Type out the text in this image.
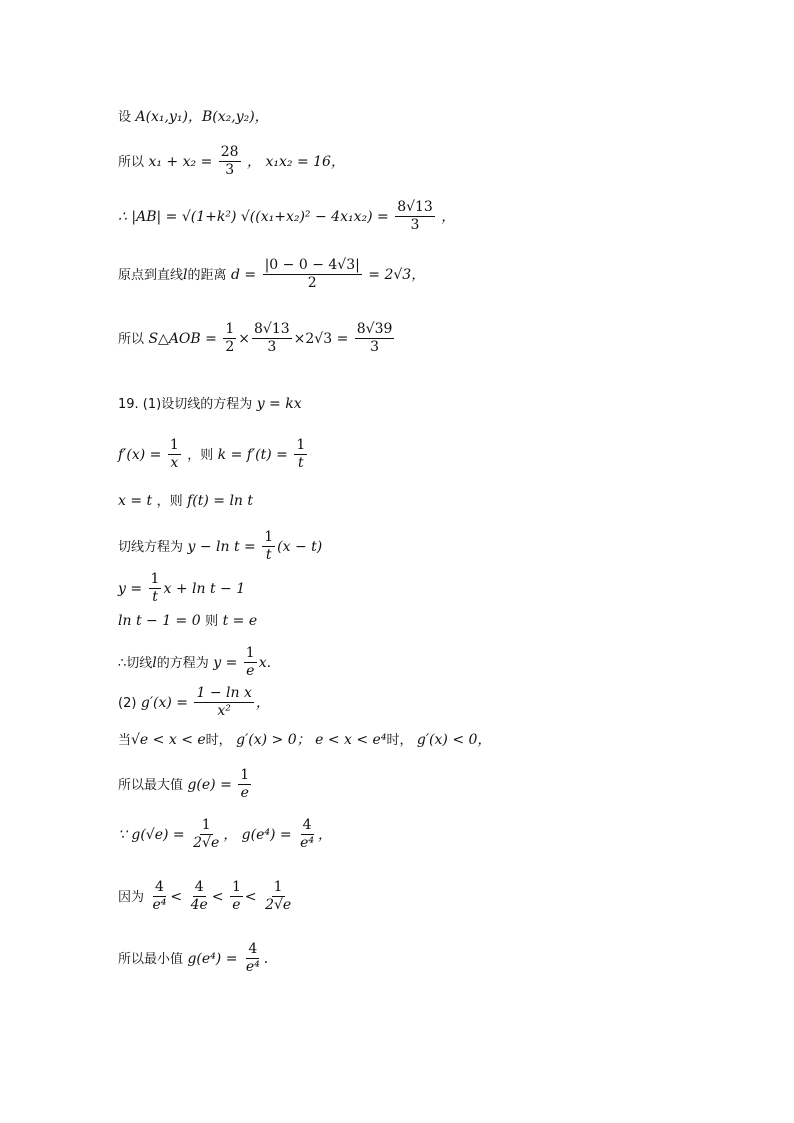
设 A(x₁,y₁)，B(x₂,y₂)，
所以 $x_1 + x_2 = \frac{28}{3}$ ， x₁x₂ = 16，
∴ |AB| = √(1+k²) $√((x_1+x_2)^2 - 4x_1x_2) = \frac{8√13}{3}$ ，
原点到直线l的距离 $d = \frac{|0 - 0 - 4√3|}{2} = 2√3$，
所以 S△AOB = $\frac{1}{2} \times \frac{8√13}{3} \times 2√3 = \frac{8√39}{3}$
19. (1)设切线的方程为 y = kx
$f'(x) = \frac{1}{x}$ ，则 $k = f'(t) = \frac{1}{t}$
x = t ，则 f(t) = ln t
切线方程为 $y - \ln t = \frac{1}{t} (x - t)$
$y = \frac{1}{t}$ x + ln t − 1
ln t − 1 = 0 则 t = e
∴切线l的方程为 $y = \frac{1}{e} x$.
(2) $g'(x) = \frac{\text{1 − ln x}}{\text{x²}}$ ，
当√e < x < e时， g′(x) > 0； e < x < e⁴时， g′(x) < 0，
所以最大值 $g(e) = \frac{1}{e}$
∵ $g(√e) = \frac{1}{2√e}$ ， $g(e^4) = \frac{4}{\text{e⁴}}$ ，
因为 $\frac{4}{\text{e⁴}} < \frac{4}{4e} < \frac{1}{e} < \frac{1}{2√e}$
所以最小值 $g(e^4) = \frac{4}{\text{e⁴}}$ .
